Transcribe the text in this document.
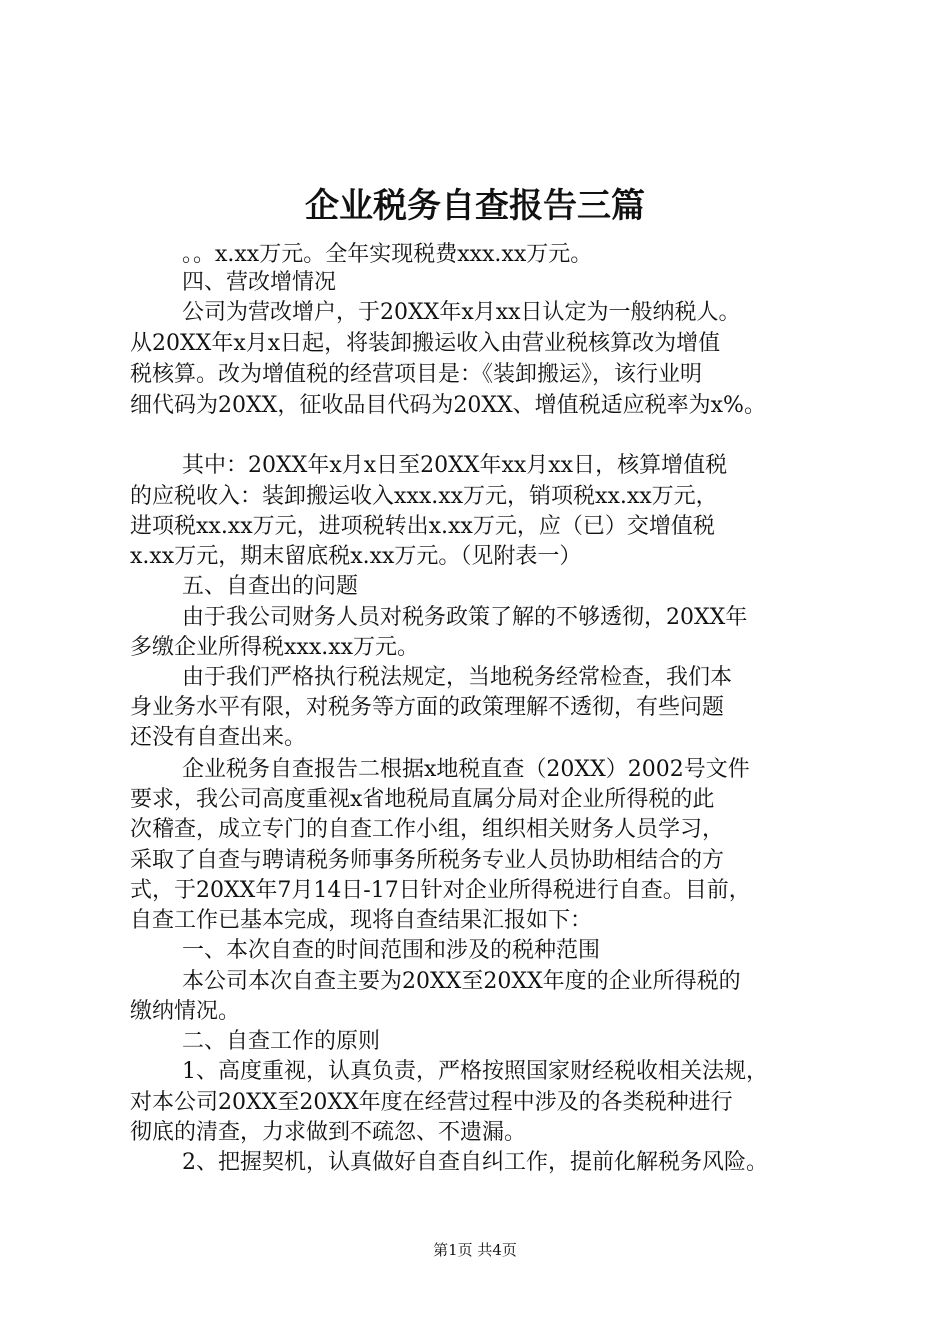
企业税务自查报告三篇
。。x.xx万元。全年实现税费xxx.xx万元。
四、营改增情况
公司为营改增户，于20XX年x月xx日认定为一般纳税人。
从20XX年x月x日起，将装卸搬运收入由营业税核算改为增值
税核算。改为增值税的经营项目是：《装卸搬运》，该行业明
细代码为20XX，征收品目代码为20XX、增值税适应税率为x%。
其中：20XX年x月x日至20XX年xx月xx日，核算增值税
的应税收入：装卸搬运收入xxx.xx万元，销项税xx.xx万元，
进项税xx.xx万元，进项税转出x.xx万元，应（已）交增值税
x.xx万元，期末留底税x.xx万元。（见附表一）
五、自查出的问题
由于我公司财务人员对税务政策了解的不够透彻，20XX年
多缴企业所得税xxx.xx万元。
由于我们严格执行税法规定，当地税务经常检查，我们本
身业务水平有限，对税务等方面的政策理解不透彻，有些问题
还没有自查出来。
企业税务自查报告二根据x地税直查（20XX）2002号文件
要求，我公司高度重视x省地税局直属分局对企业所得税的此
次稽查，成立专门的自查工作小组，组织相关财务人员学习，
采取了自查与聘请税务师事务所税务专业人员协助相结合的方
式，于20XX年7月14日-17日针对企业所得税进行自查。目前，
自查工作已基本完成，现将自查结果汇报如下：
一、本次自查的时间范围和涉及的税种范围
本公司本次自查主要为20XX至20XX年度的企业所得税的
缴纳情况。
二、自查工作的原则
1、高度重视，认真负责，严格按照国家财经税收相关法规，
对本公司20XX至20XX年度在经营过程中涉及的各类税种进行
彻底的清查，力求做到不疏忽、不遗漏。
2、把握契机，认真做好自查自纠工作，提前化解税务风险。
第1页 共4页
